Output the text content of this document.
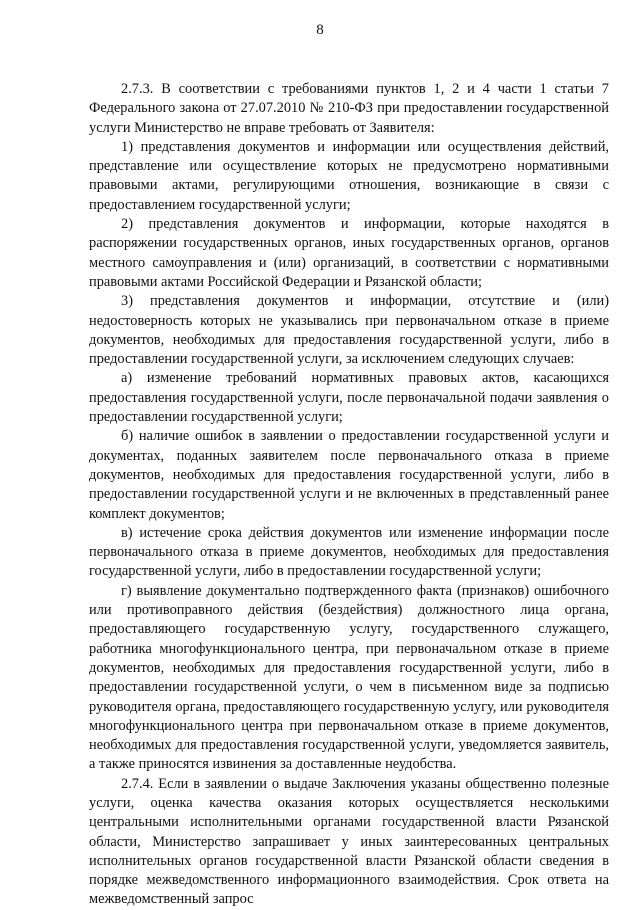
8

2.7.3. В соответствии с требованиями пунктов 1, 2 и 4 части 1 статьи 7 Федерального закона от 27.07.2010 № 210-ФЗ при предоставлении государственной услуги Министерство не вправе требовать от Заявителя:

1) представления документов и информации или осуществления действий, представление или осуществление которых не предусмотрено нормативными правовыми актами, регулирующими отношения, возникающие в связи с предоставлением государственной услуги;

2) представления документов и информации, которые находятся в распоряжении государственных органов, иных государственных органов, органов местного самоуправления и (или) организаций, в соответствии с нормативными правовыми актами Российской Федерации и Рязанской области;

3) представления документов и информации, отсутствие и (или) недостоверность которых не указывались при первоначальном отказе в приеме документов, необходимых для предоставления государственной услуги, либо в предоставлении государственной услуги, за исключением следующих случаев:

а) изменение требований нормативных правовых актов, касающихся предоставления государственной услуги, после первоначальной подачи заявления о предоставлении государственной услуги;

б) наличие ошибок в заявлении о предоставлении государственной услуги и документах, поданных заявителем после первоначального отказа в приеме документов, необходимых для предоставления государственной услуги, либо в предоставлении государственной услуги и не включенных в представленный ранее комплект документов;

в) истечение срока действия документов или изменение информации после первоначального отказа в приеме документов, необходимых для предоставления государственной услуги, либо в предоставлении государственной услуги;

г) выявление документально подтвержденного факта (признаков) ошибочного или противоправного действия (бездействия) должностного лица органа, предоставляющего государственную услугу, государственного служащего, работника многофункционального центра, при первоначальном отказе в приеме документов, необходимых для предоставления государственной услуги, либо в предоставлении государственной услуги, о чем в письменном виде за подписью руководителя органа, предоставляющего государственную услугу, или руководителя многофункционального центра при первоначальном отказе в приеме документов, необходимых для предоставления государственной услуги, уведомляется заявитель, а также приносятся извинения за доставленные неудобства.

2.7.4. Если в заявлении о выдаче Заключения указаны общественно полезные услуги, оценка качества оказания которых осуществляется несколькими центральными исполнительными органами государственной власти Рязанской области, Министерство запрашивает у иных заинтересованных центральных исполнительных органов государственной власти Рязанской области сведения в порядке межведомственного информационного взаимодействия. Срок ответа на межведомственный запрос
